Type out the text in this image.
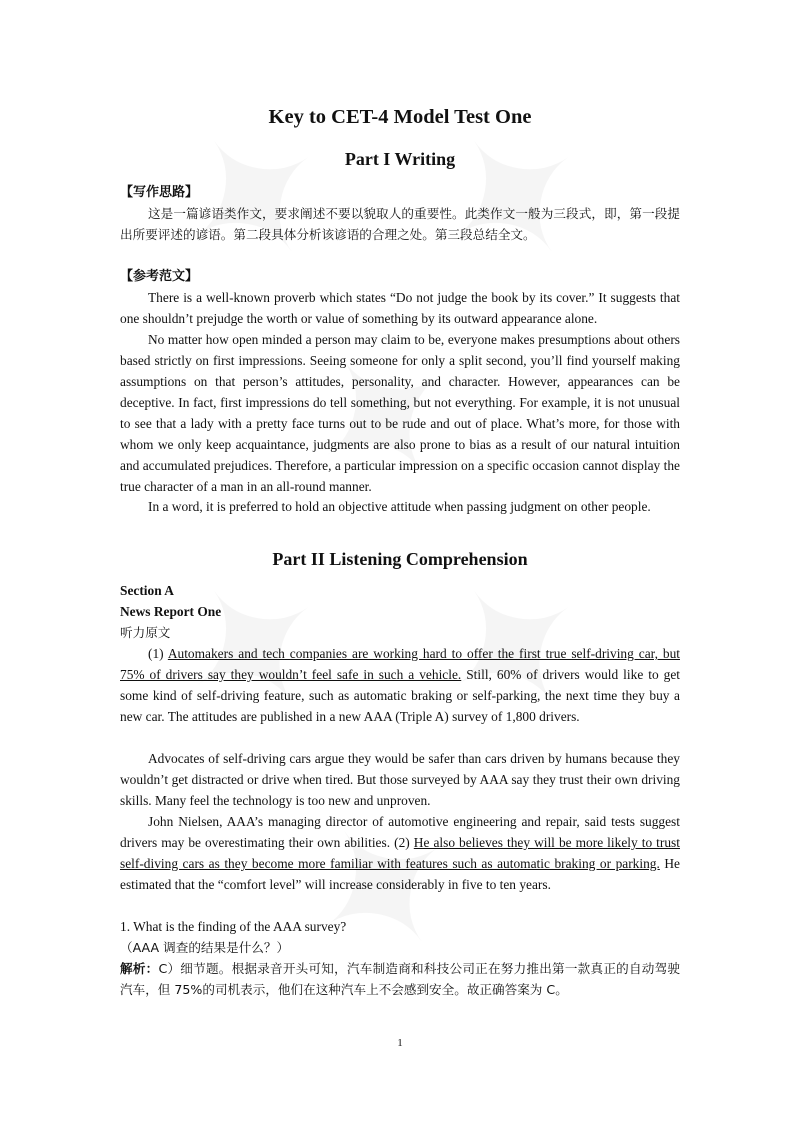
Key to CET-4 Model Test One
Part I Writing

【写作思路】

这是一篇谚语类作文，要求阐述不要以貌取人的重要性。此类作文一般为三段式，即，第一段提出所要评述的谚语。第二段具体分析该谚语的合理之处。第三段总结全文。

【参考范文】

There is a well-known proverb which states “Do not judge the book by its cover.” It suggests that one shouldn’t prejudge the worth or value of something by its outward appearance alone.

No matter how open minded a person may claim to be, everyone makes presumptions about others based strictly on first impressions. Seeing someone for only a split second, you’ll find yourself making assumptions on that person’s attitudes, personality, and character. However, appearances can be deceptive. In fact, first impressions do tell something, but not everything. For example, it is not unusual to see that a lady with a pretty face turns out to be rude and out of place. What’s more, for those with whom we only keep acquaintance, judgments are also prone to bias as a result of our natural intuition and accumulated prejudices. Therefore, a particular impression on a specific occasion cannot display the true character of a man in an all-round manner.

In a word, it is preferred to hold an objective attitude when passing judgment on other people.

Part II Listening Comprehension

Section A

News Report One

听力原文

(1) Automakers and tech companies are working hard to offer the first true self-driving car, but 75% of drivers say they wouldn’t feel safe in such a vehicle. Still, 60% of drivers would like to get some kind of self-driving feature, such as automatic braking or self-parking, the next time they buy a new car. The attitudes are published in a new AAA (Triple A) survey of 1,800 drivers.

Advocates of self-driving cars argue they would be safer than cars driven by humans because they wouldn’t get distracted or drive when tired. But those surveyed by AAA say they trust their own driving skills. Many feel the technology is too new and unproven.

John Nielsen, AAA’s managing director of automotive engineering and repair, said tests suggest drivers may be overestimating their own abilities. (2) He also believes they will be more likely to trust self-diving cars as they become more familiar with features such as automatic braking or parking. He estimated that the “comfort level” will increase considerably in five to ten years.

1. What is the finding of the AAA survey?

（AAA 调查的结果是什么？）

解析：C）细节题。根据录音开头可知，汽车制造商和科技公司正在努力推出第一款真正的自动驾驶汽车，但 75%的司机表示，他们在这种汽车上不会感到安全。故正确答案为 C。

1
